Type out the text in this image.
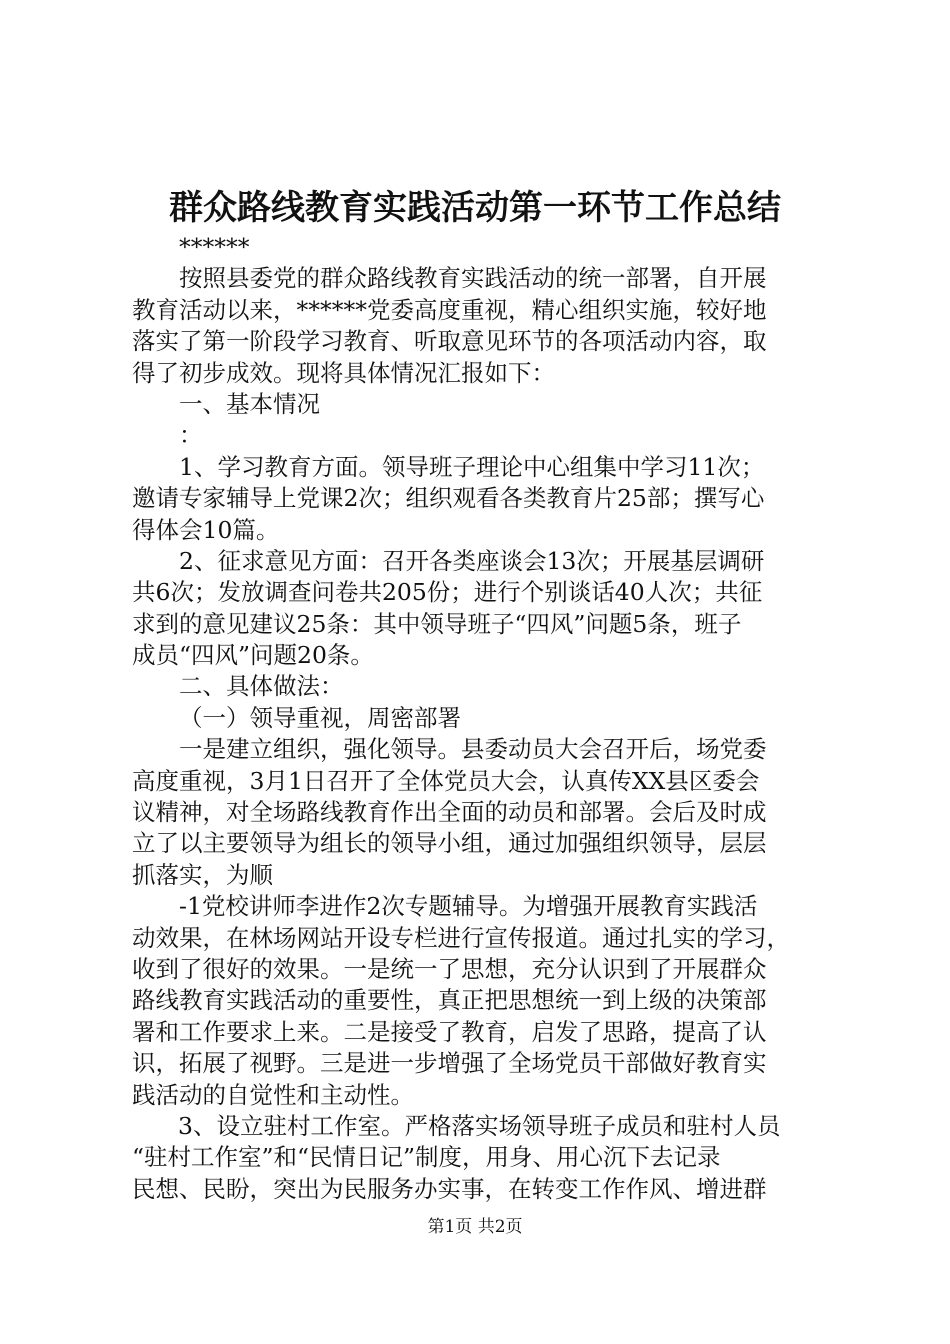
群众路线教育实践活动第一环节工作总结
******
按照县委党的群众路线教育实践活动的统一部署，自开展
教育活动以来，******党委高度重视，精心组织实施，较好地
落实了第一阶段学习教育、听取意见环节的各项活动内容，取
得了初步成效。现将具体情况汇报如下：
一、基本情况
：
1、学习教育方面。领导班子理论中心组集中学习11次；
邀请专家辅导上党课2次；组织观看各类教育片25部；撰写心
得体会10篇。
2、征求意见方面：召开各类座谈会13次；开展基层调研
共6次；发放调查问卷共205份；进行个别谈话40人次；共征
求到的意见建议25条：其中领导班子“四风”问题5条，班子
成员“四风”问题20条。
二、具体做法：
（一）领导重视，周密部署
一是建立组织，强化领导。县委动员大会召开后，场党委
高度重视，3月1日召开了全体党员大会，认真传XX县区委会
议精神，对全场路线教育作出全面的动员和部署。会后及时成
立了以主要领导为组长的领导小组，通过加强组织领导，层层
抓落实，为顺
-1党校讲师李进作2次专题辅导。为增强开展教育实践活
动效果，在林场网站开设专栏进行宣传报道。通过扎实的学习，
收到了很好的效果。一是统一了思想，充分认识到了开展群众
路线教育实践活动的重要性，真正把思想统一到上级的决策部
署和工作要求上来。二是接受了教育，启发了思路，提高了认
识，拓展了视野。三是进一步增强了全场党员干部做好教育实
践活动的自觉性和主动性。
3、设立驻村工作室。严格落实场领导班子成员和驻村人员
“驻村工作室”和“民情日记”制度，用身、用心沉下去记录
民想、民盼，突出为民服务办实事，在转变工作作风、增进群
第1页 共2页
